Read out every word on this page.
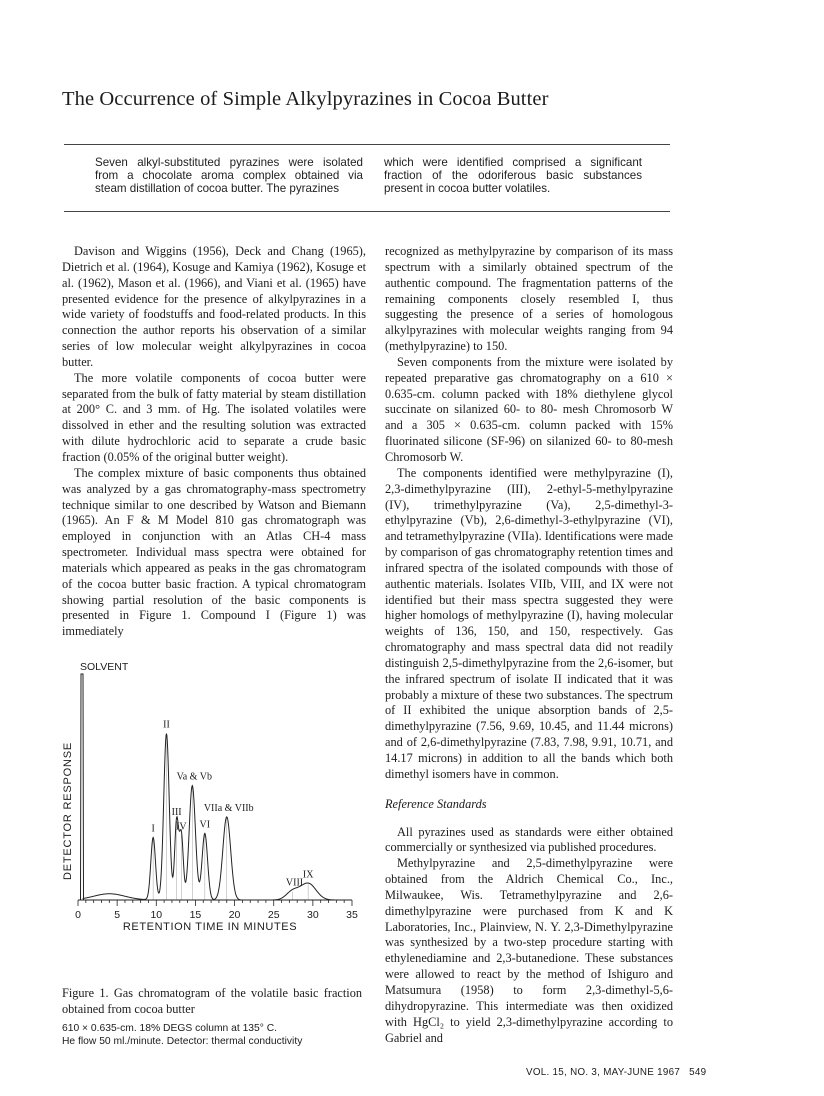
The Occurrence of Simple Alkylpyrazines in Cocoa Butter
Seven alkyl-substituted pyrazines were isolated from a chocolate aroma complex obtained via steam distillation of cocoa butter. The pyrazines
which were identified comprised a significant fraction of the odoriferous basic substances present in cocoa butter volatiles.

Davison and Wiggins (1956), Deck and Chang (1965), Dietrich et al. (1964), Kosuge and Kamiya (1962), Kosuge et al. (1962), Mason et al. (1966), and Viani et al. (1965) have presented evidence for the presence of alkylpyrazines in a wide variety of foodstuffs and food-related products. In this connection the author reports his observation of a similar series of low molecular weight alkylpyrazines in cocoa butter.

The more volatile components of cocoa butter were separated from the bulk of fatty material by steam distillation at 200° C. and 3 mm. of Hg. The isolated volatiles were dissolved in ether and the resulting solution was extracted with dilute hydrochloric acid to separate a crude basic fraction (0.05% of the original butter weight).

The complex mixture of basic components thus obtained was analyzed by a gas chromatography-mass spectrometry technique similar to one described by Watson and Biemann (1965). An F & M Model 810 gas chromatograph was employed in conjunction with an Atlas CH-4 mass spectrometer. Individual mass spectra were obtained for materials which appeared as peaks in the gas chromatogram of the cocoa butter basic fraction. A typical chromatogram showing partial resolution of the basic components is presented in Figure 1. Compound I (Figure 1) was immediately

0	5	10	15	20	25	30	35
RETENTION TIME IN MINUTES
DETECTOR RESPONSE
SOLVENT
I
II
III
IV
Va & Vb
VI
VIIa & VIIb
VIII
IX

Figure 1. Gas chromatogram of the volatile basic fraction obtained from cocoa butter

610 × 0.635-cm. 18% DEGS column at 135° C.

He flow 50 ml./minute. Detector: thermal conductivity

recognized as methylpyrazine by comparison of its mass spectrum with a similarly obtained spectrum of the authentic compound. The fragmentation patterns of the remaining components closely resembled I, thus suggesting the presence of a series of homologous alkylpyrazines with molecular weights ranging from 94 (methylpyrazine) to 150.

Seven components from the mixture were isolated by repeated preparative gas chromatography on a 610 × 0.635-cm. column packed with 18% diethylene glycol succinate on silanized 60- to 80- mesh Chromosorb W and a 305 × 0.635-cm. column packed with 15% fluorinated silicone (SF-96) on silanized 60- to 80-mesh Chromosorb W.

The components identified were methylpyrazine (I), 2,3-dimethylpyrazine (III), 2-ethyl-5-methylpyrazine (IV), trimethylpyrazine (Va), 2,5-dimethyl-3-ethylpyrazine (Vb), 2,6-dimethyl-3-ethylpyrazine (VI), and tetramethylpyrazine (VIIa). Identifications were made by comparison of gas chromatography retention times and infrared spectra of the isolated compounds with those of authentic materials. Isolates VIIb, VIII, and IX were not identified but their mass spectra suggested they were higher homologs of methylpyrazine (I), having molecular weights of 136, 150, and 150, respectively. Gas chromatography and mass spectral data did not readily distinguish 2,5-dimethylpyrazine from the 2,6-isomer, but the infrared spectrum of isolate II indicated that it was probably a mixture of these two substances. The spectrum of II exhibited the unique absorption bands of 2,5-dimethylpyrazine (7.56, 9.69, 10.45, and 11.44 microns) and of 2,6-dimethylpyrazine (7.83, 7.98, 9.91, 10.71, and 14.17 microns) in addition to all the bands which both dimethyl isomers have in common.

Reference Standards

All pyrazines used as standards were either obtained commercially or synthesized via published procedures.

Methylpyrazine and 2,5-dimethylpyrazine were obtained from the Aldrich Chemical Co., Inc., Milwaukee, Wis. Tetramethylpyrazine and 2,6-dimethylpyrazine were purchased from K and K Laboratories, Inc., Plainview, N. Y. 2,3-Dimethylpyrazine was synthesized by a two-step procedure starting with ethylenediamine and 2,3-butanedione. These substances were allowed to react by the method of Ishiguro and Matsumura (1958) to form 2,3-dimethyl-5,6-dihydropyrazine. This intermediate was then oxidized with HgCl₂ to yield 2,3-dimethylpyrazine according to Gabriel and

VOL. 15, NO. 3, MAY-JUNE 1967 549
